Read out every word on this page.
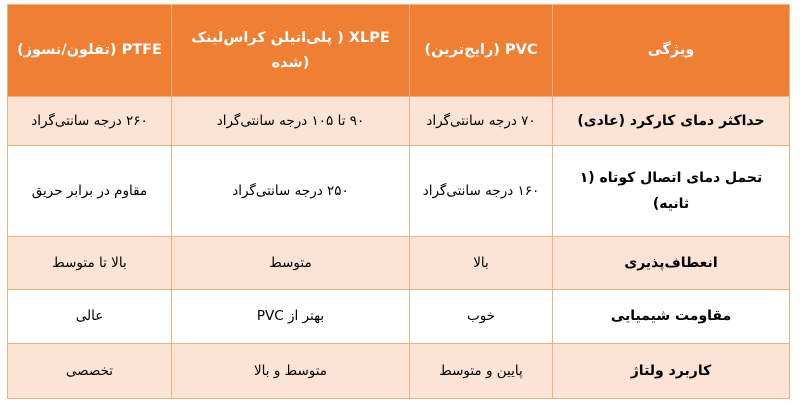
ویژگی	PVC (رایج‌ترین)	XLPE ( پلی‌اتیلن کراس‌لینک (شده	PTFE (تفلون/نسوز)
حداکثر دمای کارکرد (عادی)	۷۰ درجه سانتی‌گراد	۹۰ تا ۱۰۵ درجه سانتی‌گراد	۲۶۰ درجه سانتی‌گراد
تحمل دمای اتصال کوتاه (۱ ثانیه)	۱۶۰ درجه سانتی‌گراد	۲۵۰ درجه سانتی‌گراد	مقاوم در برابر حریق
انعطاف‌پذیری	بالا	متوسط	بالا تا متوسط
مقاومت شیمیایی	خوب	بهتر از PVC	عالی
کاربرد ولتاژ	پایین و متوسط	متوسط و بالا	تخصصی
